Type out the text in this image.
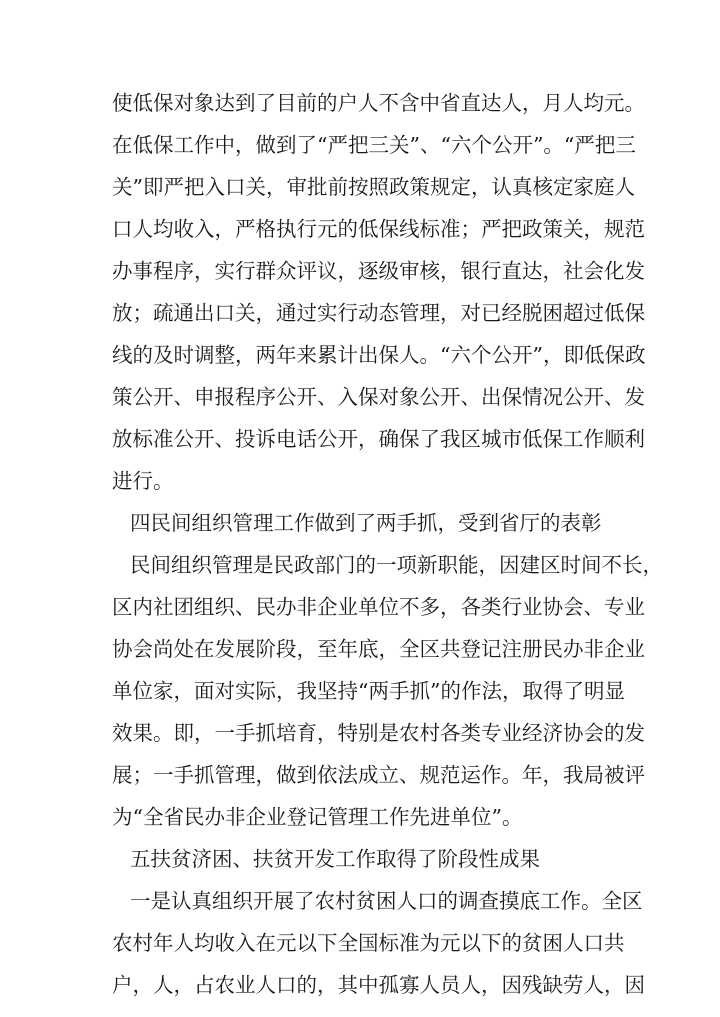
使低保对象达到了目前的户人不含中省直达人，月人均元。
在低保工作中，做到了“严把三关”、“六个公开”。“严把三
关”即严把入口关，审批前按照政策规定，认真核定家庭人
口人均收入，严格执行元的低保线标准；严把政策关，规范
办事程序，实行群众评议，逐级审核，银行直达，社会化发
放；疏通出口关，通过实行动态管理，对已经脱困超过低保
线的及时调整，两年来累计出保人。“六个公开”，即低保政
策公开、申报程序公开、入保对象公开、出保情况公开、发
放标准公开、投诉电话公开，确保了我区城市低保工作顺利
进行。
四民间组织管理工作做到了两手抓，受到省厅的表彰
民间组织管理是民政部门的一项新职能，因建区时间不长，
区内社团组织、民办非企业单位不多，各类行业协会、专业
协会尚处在发展阶段，至年底，全区共登记注册民办非企业
单位家，面对实际，我坚持“两手抓”的作法，取得了明显
效果。即，一手抓培育，特别是农村各类专业经济协会的发
展；一手抓管理，做到依法成立、规范运作。年，我局被评
为“全省民办非企业登记管理工作先进单位”。
五扶贫济困、扶贫开发工作取得了阶段性成果
一是认真组织开展了农村贫困人口的调查摸底工作。全区
农村年人均收入在元以下全国标准为元以下的贫困人口共
户，人，占农业人口的，其中孤寡人员人，因残缺劳人，因
